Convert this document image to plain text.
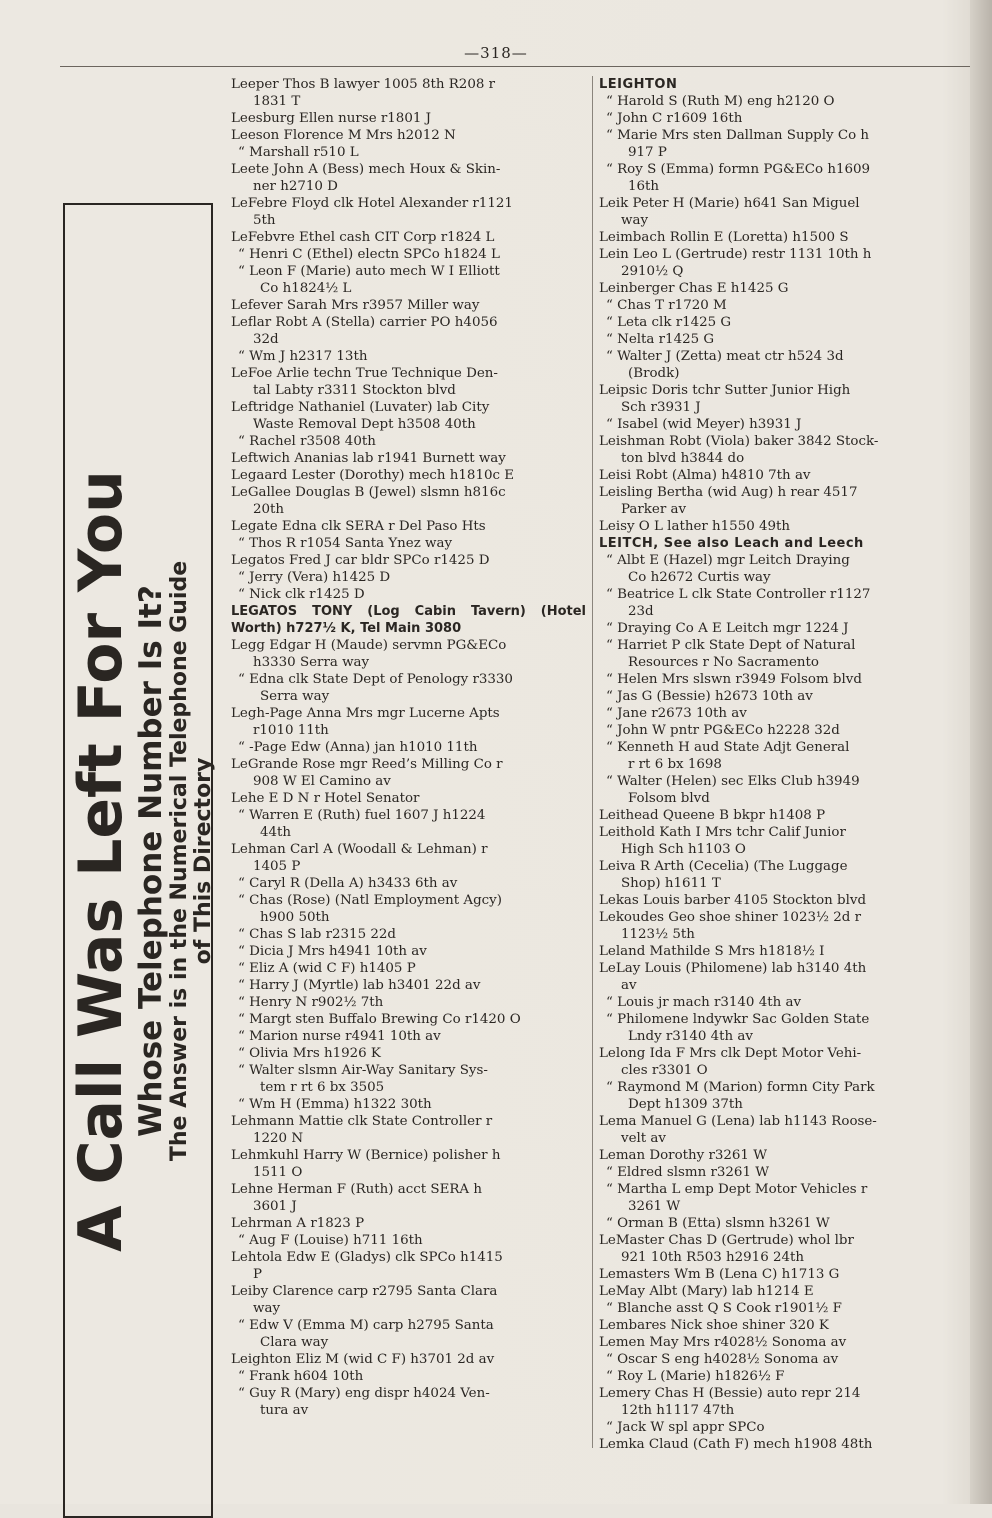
—318—
A Call Was Left For You
Whose Telephone Number Is It?
The Answer is in the Numerical Telephone Guide of This Directory
Leeper Thos B lawyer 1005 8th R208 r
1831 T
Leesburg Ellen nurse r1801 J
Leeson Florence M Mrs h2012 N
“ Marshall r510 L
Leete John A (Bess) mech Houx & Skin-
ner h2710 D
LeFebre Floyd clk Hotel Alexander r1121
5th
LeFebvre Ethel cash CIT Corp r1824 L
“ Henri C (Ethel) electn SPCo h1824 L
“ Leon F (Marie) auto mech W I Elliott
Co h1824½ L
Lefever Sarah Mrs r3957 Miller way
Leflar Robt A (Stella) carrier PO h4056
32d
“ Wm J h2317 13th
LeFoe Arlie techn True Technique Den-
tal Labty r3311 Stockton blvd
Leftridge Nathaniel (Luvater) lab City
Waste Removal Dept h3508 40th
“ Rachel r3508 40th
Leftwich Ananias lab r1941 Burnett way
Legaard Lester (Dorothy) mech h1810c E
LeGallee Douglas B (Jewel) slsmn h816c
20th
Legate Edna clk SERA r Del Paso Hts
“ Thos R r1054 Santa Ynez way
Legatos Fred J car bldr SPCo r1425 D
“ Jerry (Vera) h1425 D
“ Nick clk r1425 D
LEGATOS TONY (Log Cabin Tavern) (Hotel Worth) h727½ K, Tel Main 3080
Legg Edgar H (Maude) servmn PG&ECo
h3330 Serra way
“ Edna clk State Dept of Penology r3330
Serra way
Legh-Page Anna Mrs mgr Lucerne Apts
r1010 11th
“ -Page Edw (Anna) jan h1010 11th
LeGrande Rose mgr Reed’s Milling Co r
908 W El Camino av
Lehe E D N r Hotel Senator
“ Warren E (Ruth) fuel 1607 J h1224
44th
Lehman Carl A (Woodall & Lehman) r
1405 P
“ Caryl R (Della A) h3433 6th av
“ Chas (Rose) (Natl Employment Agcy)
h900 50th
“ Chas S lab r2315 22d
“ Dicia J Mrs h4941 10th av
“ Eliz A (wid C F) h1405 P
“ Harry J (Myrtle) lab h3401 22d av
“ Henry N r902½ 7th
“ Margt sten Buffalo Brewing Co r1420 O
“ Marion nurse r4941 10th av
“ Olivia Mrs h1926 K
“ Walter slsmn Air-Way Sanitary Sys-
tem r rt 6 bx 3505
“ Wm H (Emma) h1322 30th
Lehmann Mattie clk State Controller r
1220 N
Lehmkuhl Harry W (Bernice) polisher h
1511 O
Lehne Herman F (Ruth) acct SERA h
3601 J
Lehrman A r1823 P
“ Aug F (Louise) h711 16th
Lehtola Edw E (Gladys) clk SPCo h1415
P
Leiby Clarence carp r2795 Santa Clara
way
“ Edw V (Emma M) carp h2795 Santa
Clara way
Leighton Eliz M (wid C F) h3701 2d av
“ Frank h604 10th
“ Guy R (Mary) eng dispr h4024 Ven-
tura av
LEIGHTON
“ Harold S (Ruth M) eng h2120 O
“ John C r1609 16th
“ Marie Mrs sten Dallman Supply Co h
917 P
“ Roy S (Emma) formn PG&ECo h1609
16th
Leik Peter H (Marie) h641 San Miguel
way
Leimbach Rollin E (Loretta) h1500 S
Lein Leo L (Gertrude) restr 1131 10th h
2910½ Q
Leinberger Chas E h1425 G
“ Chas T r1720 M
“ Leta clk r1425 G
“ Nelta r1425 G
“ Walter J (Zetta) meat ctr h524 3d
(Brodk)
Leipsic Doris tchr Sutter Junior High
Sch r3931 J
“ Isabel (wid Meyer) h3931 J
Leishman Robt (Viola) baker 3842 Stock-
ton blvd h3844 do
Leisi Robt (Alma) h4810 7th av
Leisling Bertha (wid Aug) h rear 4517
Parker av
Leisy O L lather h1550 49th
LEITCH, See also Leach and Leech
“ Albt E (Hazel) mgr Leitch Draying
Co h2672 Curtis way
“ Beatrice L clk State Controller r1127
23d
“ Draying Co A E Leitch mgr 1224 J
“ Harriet P clk State Dept of Natural
Resources r No Sacramento
“ Helen Mrs slswn r3949 Folsom blvd
“ Jas G (Bessie) h2673 10th av
“ Jane r2673 10th av
“ John W pntr PG&ECo h2228 32d
“ Kenneth H aud State Adjt General
r rt 6 bx 1698
“ Walter (Helen) sec Elks Club h3949
Folsom blvd
Leithead Queene B bkpr h1408 P
Leithold Kath I Mrs tchr Calif Junior
High Sch h1103 O
Leiva R Arth (Cecelia) (The Luggage
Shop) h1611 T
Lekas Louis barber 4105 Stockton blvd
Lekoudes Geo shoe shiner 1023½ 2d r
1123½ 5th
Leland Mathilde S Mrs h1818½ I
LeLay Louis (Philomene) lab h3140 4th
av
“ Louis jr mach r3140 4th av
“ Philomene lndywkr Sac Golden State
Lndy r3140 4th av
Lelong Ida F Mrs clk Dept Motor Vehi-
cles r3301 O
“ Raymond M (Marion) formn City Park
Dept h1309 37th
Lema Manuel G (Lena) lab h1143 Roose-
velt av
Leman Dorothy r3261 W
“ Eldred slsmn r3261 W
“ Martha L emp Dept Motor Vehicles r
3261 W
“ Orman B (Etta) slsmn h3261 W
LeMaster Chas D (Gertrude) whol lbr
921 10th R503 h2916 24th
Lemasters Wm B (Lena C) h1713 G
LeMay Albt (Mary) lab h1214 E
“ Blanche asst Q S Cook r1901½ F
Lembares Nick shoe shiner 320 K
Lemen May Mrs r4028½ Sonoma av
“ Oscar S eng h4028½ Sonoma av
“ Roy L (Marie) h1826½ F
Lemery Chas H (Bessie) auto repr 214
12th h1117 47th
“ Jack W spl appr SPCo
Lemka Claud (Cath F) mech h1908 48th
